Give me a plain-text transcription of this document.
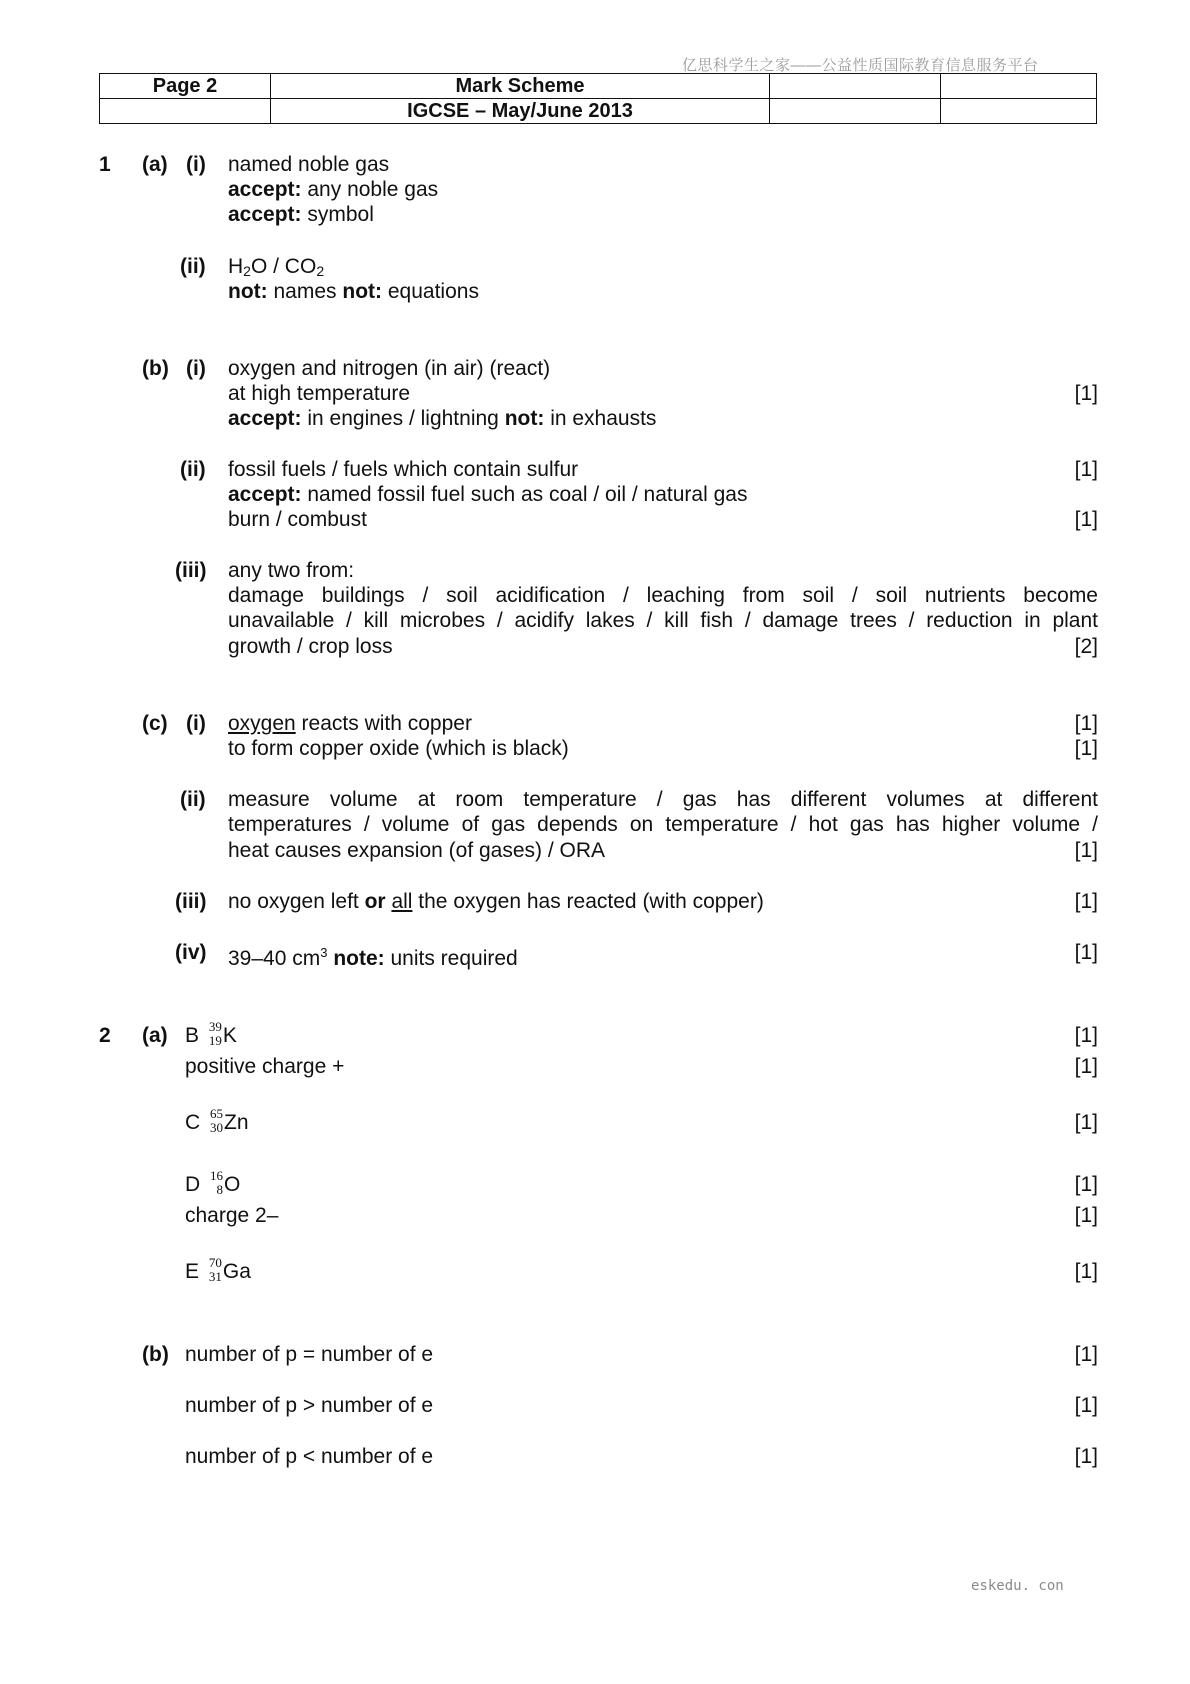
亿思科学生之家——公益性质国际教育信息服务平台
Page 2	Mark Scheme		
	IGCSE – May/June 2013		
1 (a) (i) named noble gas
accept: any noble gas
accept: symbol
(ii) $H_2O / CO_2$
not: names not: equations
(b) (i) oxygen and nitrogen (in air) (react)
at high temperature	[1]
accept: in engines / lightning not: in exhausts
(ii) fossil fuels / fuels which contain sulfur	[1]
accept: named fossil fuel such as coal / oil / natural gas
burn / combust	[1]
(iii) any two from:
damage buildings / soil acidification / leaching from soil / soil nutrients become
unavailable / kill microbes / acidify lakes / kill fish / damage trees / reduction in plant
growth / crop loss	[2]
(c) (i) oxygen reacts with copper	[1]
to form copper oxide (which is black)	[1]
(ii) measure volume at room temperature / gas has different volumes at different
temperatures / volume of gas depends on temperature / hot gas has higher volume /
heat causes expansion (of gases) / ORA	[1]
(iii) no oxygen left or all the oxygen has reacted (with copper)	[1]
(iv) 39–40 $cm^3$ note: units required	[1]
2 (a) B 39
19 K	[1]
positive charge +	[1]
C 65
30 Zn	[1]
D 16
8 O	[1]
charge 2–	[1]
E 70
31 Ga	[1]
(b) number of p = number of e	[1]
number of p > number of e	[1]
number of p < number of e	[1]
eskedu. con
